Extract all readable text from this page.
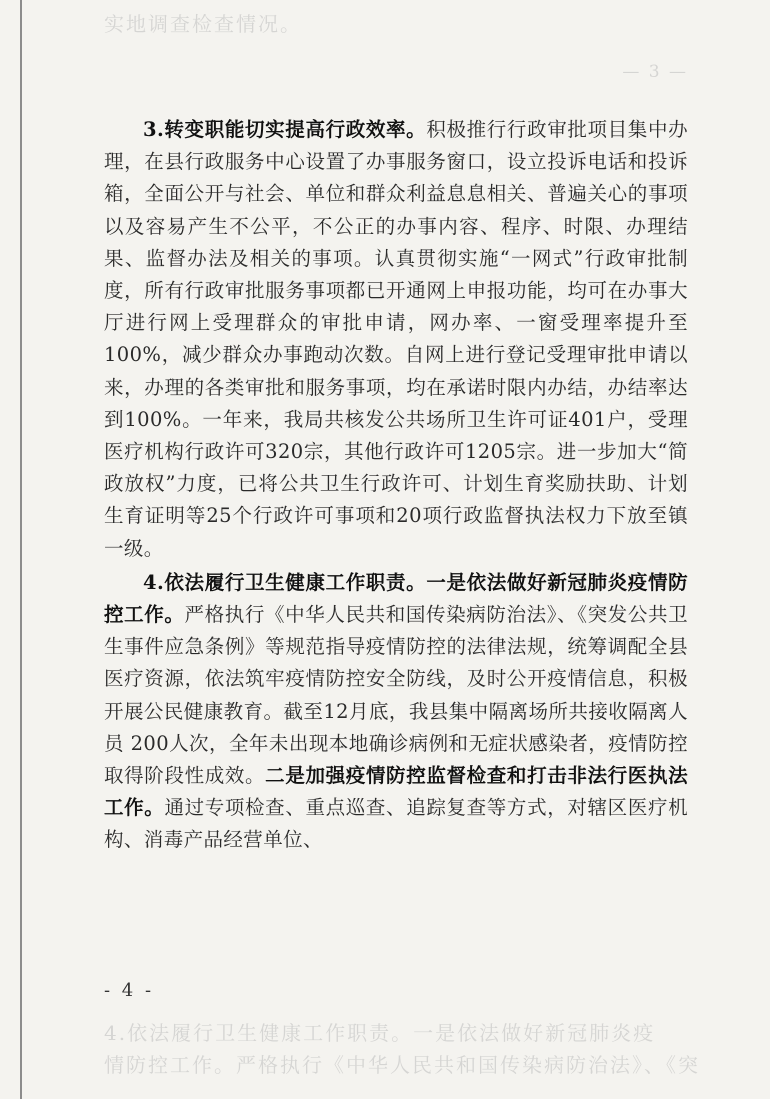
实地调查检查情况。
— 3 —

3.转变职能切实提高行政效率。积极推行行政审批项目集中办理，在县行政服务中心设置了办事服务窗口，设立投诉电话和投诉箱，全面公开与社会、单位和群众利益息息相关、普遍关心的事项以及容易产生不公平，不公正的办事内容、程序、时限、办理结果、监督办法及相关的事项。认真贯彻实施“一网式”行政审批制度，所有行政审批服务事项都已开通网上申报功能，均可在办事大厅进行网上受理群众的审批申请，网办率、一窗受理率提升至100%，减少群众办事跑动次数。自网上进行登记受理审批申请以来，办理的各类审批和服务事项，均在承诺时限内办结，办结率达到100%。一年来，我局共核发公共场所卫生许可证401户，受理医疗机构行政许可320宗，其他行政许可1205宗。进一步加大“简政放权”力度，已将公共卫生行政许可、计划生育奖励扶助、计划生育证明等25个行政许可事项和20项行政监督执法权力下放至镇一级。

4.依法履行卫生健康工作职责。一是依法做好新冠肺炎疫情防控工作。严格执行《中华人民共和国传染病防治法》、《突发公共卫生事件应急条例》等规范指导疫情防控的法律法规，统筹调配全县医疗资源，依法筑牢疫情防控安全防线，及时公开疫情信息，积极开展公民健康教育。截至12月底，我县集中隔离场所共接收隔离人员 200人次，全年未出现本地确诊病例和无症状感染者，疫情防控取得阶段性成效。二是加强疫情防控监督检查和打击非法行医执法工作。通过专项检查、重点巡查、追踪复查等方式，对辖区医疗机构、消毒产品经营单位、

- 4 -
4.依法履行卫生健康工作职责。一是依法做好新冠肺炎疫
情防控工作。严格执行《中华人民共和国传染病防治法》、《突
